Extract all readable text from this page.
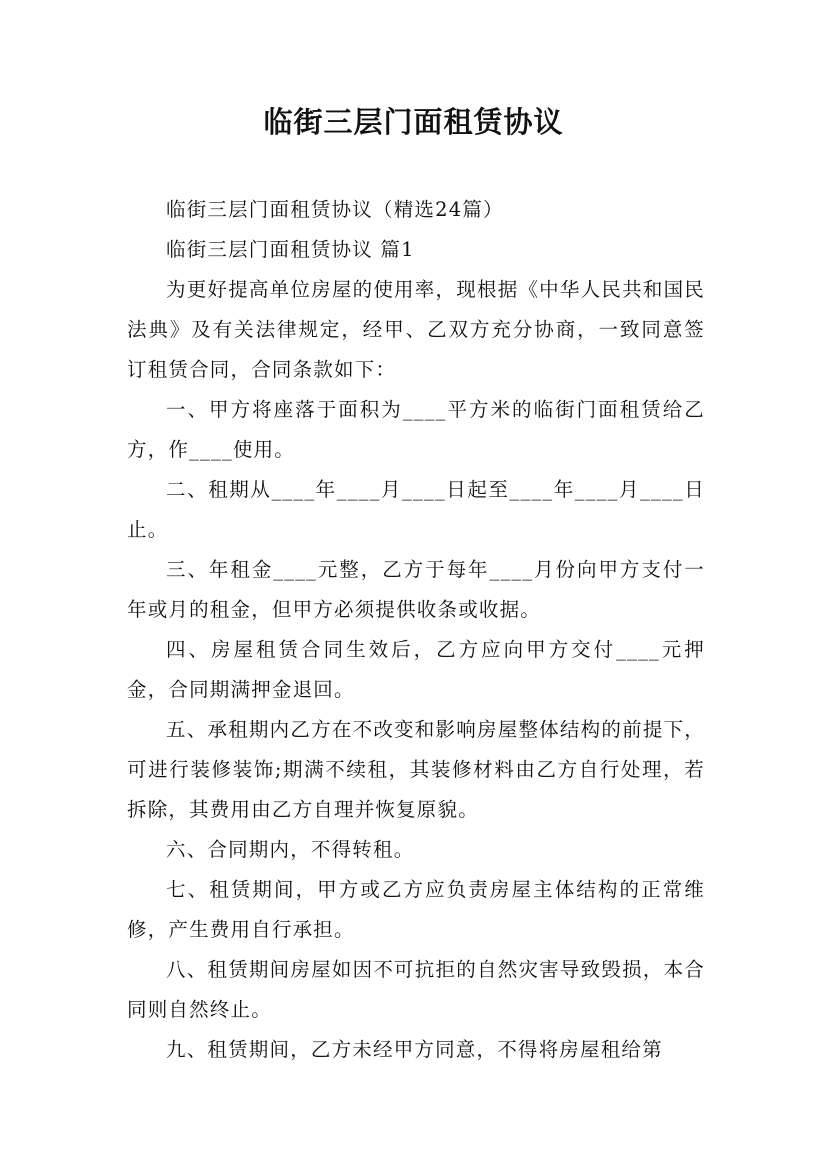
临街三层门面租赁协议

临街三层门面租赁协议（精选24篇）

临街三层门面租赁协议 篇1

为更好提高单位房屋的使用率，现根据《中华人民共和国民法典》及有关法律规定，经甲、乙双方充分协商，一致同意签订租赁合同，合同条款如下：

一、甲方将座落于面积为____平方米的临街门面租赁给乙方，作____使用。

二、租期从____年____月____日起至____年____月____日止。

三、年租金____元整，乙方于每年____月份向甲方支付一年或月的租金，但甲方必须提供收条或收据。

四、房屋租赁合同生效后，乙方应向甲方交付____元押金，合同期满押金退回。

五、承租期内乙方在不改变和影响房屋整体结构的前提下，可进行装修装饰;期满不续租，其装修材料由乙方自行处理，若拆除，其费用由乙方自理并恢复原貌。

六、合同期内，不得转租。

七、租赁期间，甲方或乙方应负责房屋主体结构的正常维修，产生费用自行承担。

八、租赁期间房屋如因不可抗拒的自然灾害导致毁损，本合同则自然终止。

九、租赁期间，乙方未经甲方同意，不得将房屋租给第
